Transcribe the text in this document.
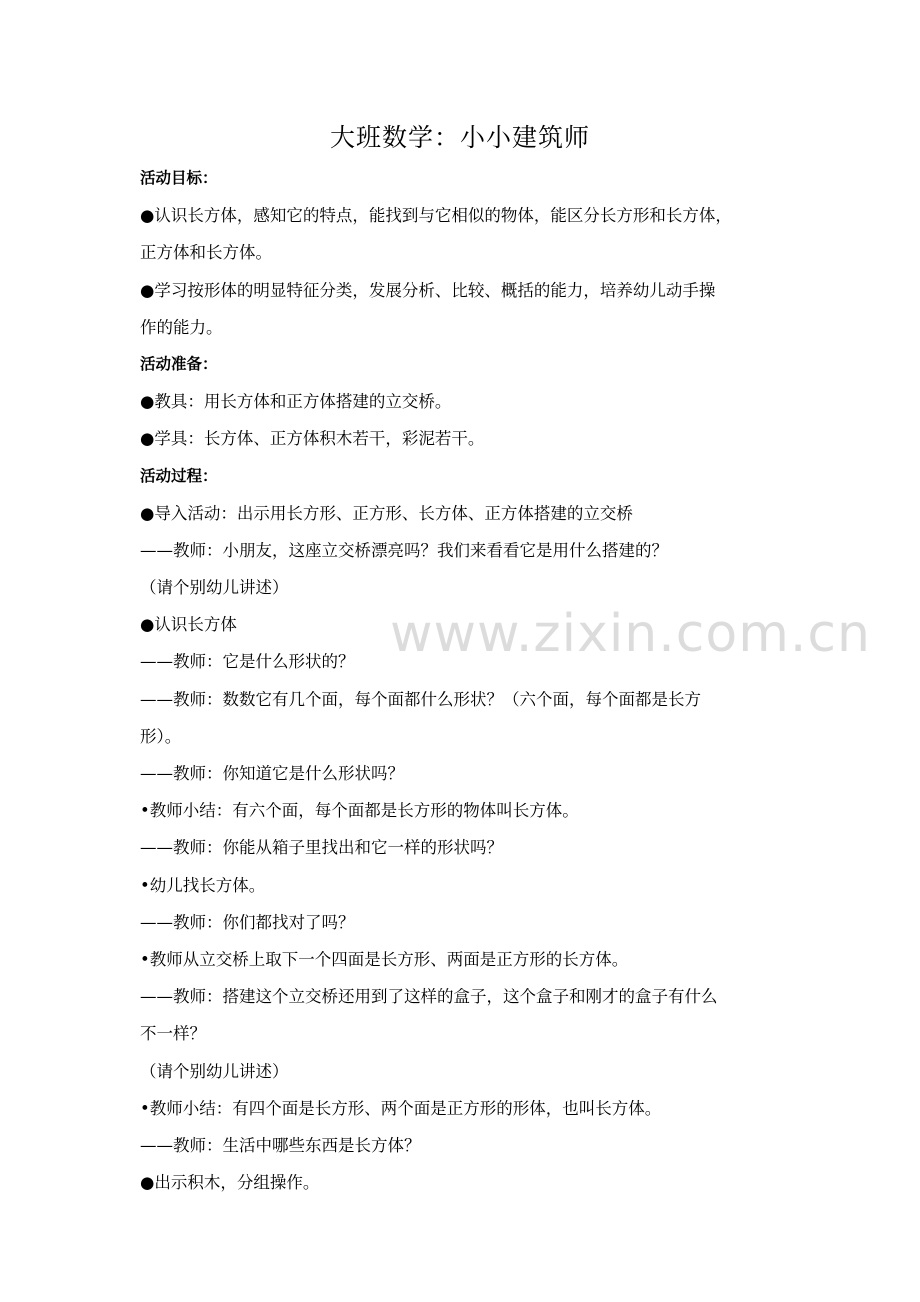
大班数学：小小建筑师

活动目标：

●认识长方体，感知它的特点，能找到与它相似的物体，能区分长方形和长方体，

正方体和长方体。

●学习按形体的明显特征分类，发展分析、比较、概括的能力，培养幼儿动手操

作的能力。

活动准备：

●教具：用长方体和正方体搭建的立交桥。

●学具：长方体、正方体积木若干，彩泥若干。

活动过程：

●导入活动：出示用长方形、正方形、长方体、正方体搭建的立交桥

——教师：小朋友，这座立交桥漂亮吗？我们来看看它是用什么搭建的？

（请个别幼儿讲述）

●认识长方体

——教师：它是什么形状的？

——教师：数数它有几个面，每个面都什么形状？（六个面，每个面都是长方

形）。

——教师：你知道它是什么形状吗？

•教师小结：有六个面，每个面都是长方形的物体叫长方体。

——教师：你能从箱子里找出和它一样的形状吗？

•幼儿找长方体。

——教师：你们都找对了吗？

•教师从立交桥上取下一个四面是长方形、两面是正方形的长方体。

——教师：搭建这个立交桥还用到了这样的盒子，这个盒子和刚才的盒子有什么

不一样？

（请个别幼儿讲述）

•教师小结：有四个面是长方形、两个面是正方形的形体，也叫长方体。

——教师：生活中哪些东西是长方体？

●出示积木，分组操作。

www.zixin.com.cn
